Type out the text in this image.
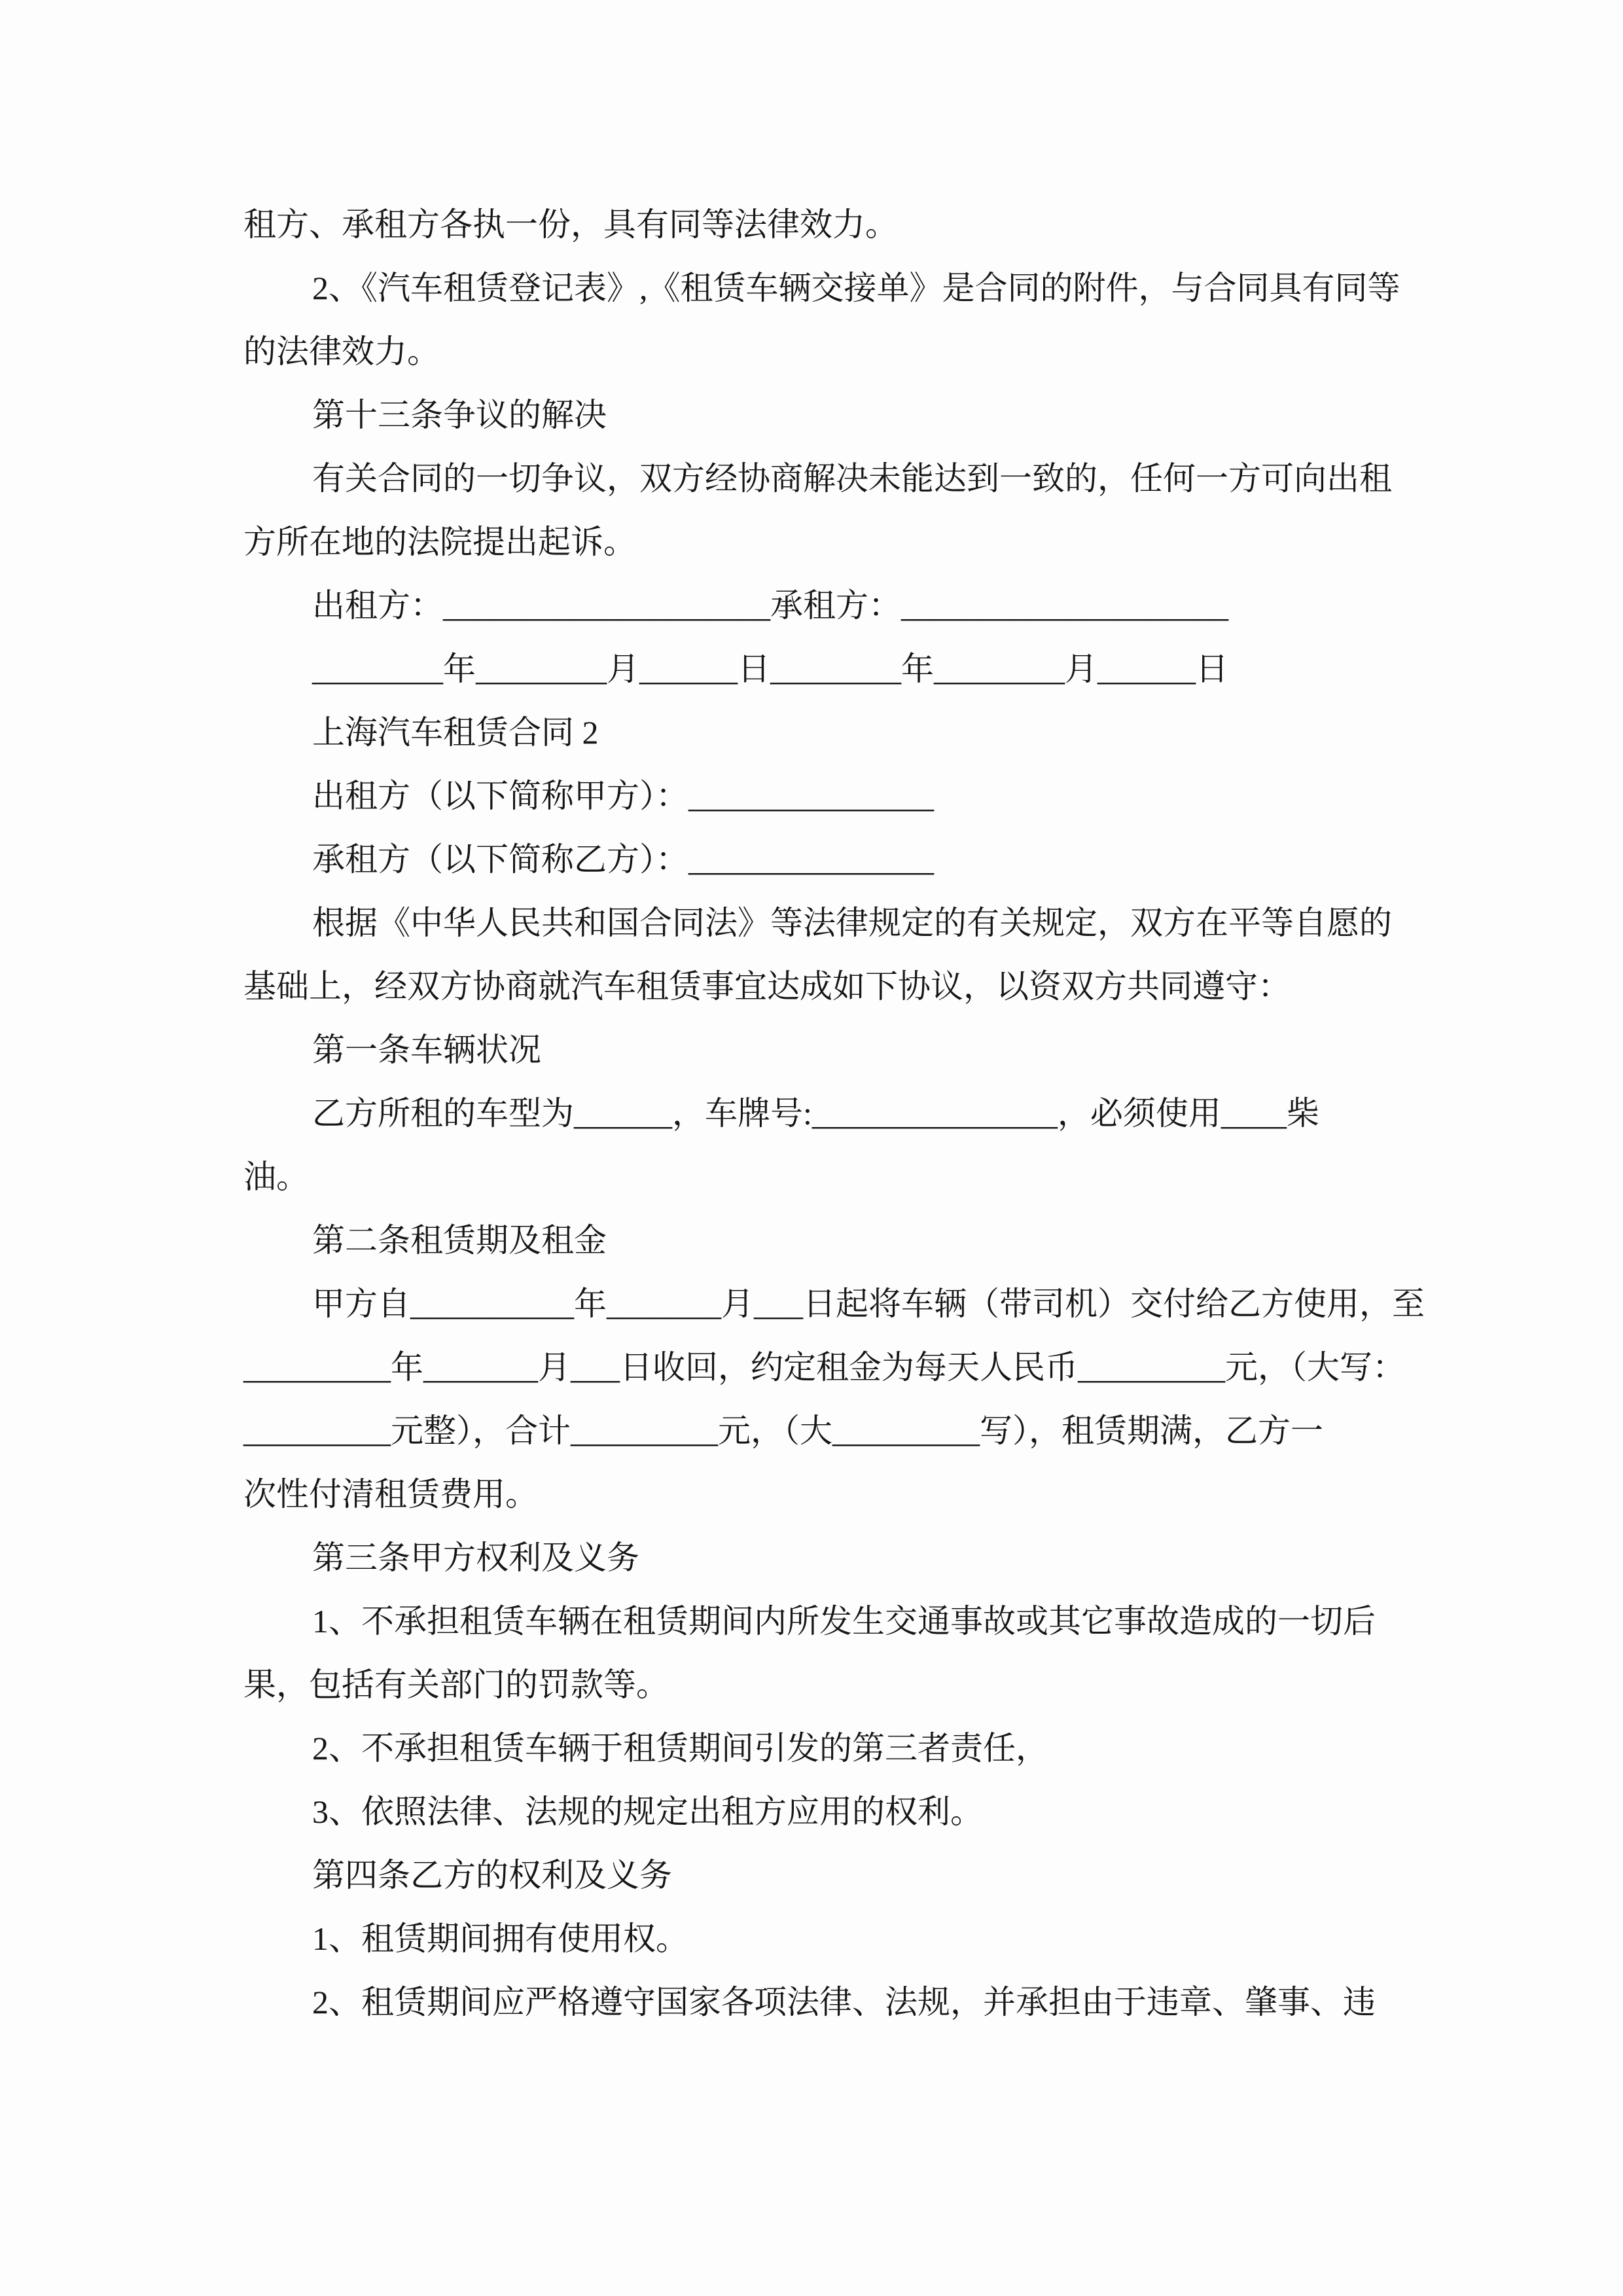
租方、承租方各执一份，具有同等法律效力。

2、《汽车租赁登记表》,《租赁车辆交接单》是合同的附件，与合同具有同等

的法律效力。

第十三条争议的解决

有关合同的一切争议，双方经协商解决未能达到一致的，任何一方可向出租

方所在地的法院提出起诉。

出租方：____________________承租方：____________________

________年________月______日________年________月______日

上海汽车租赁合同 2

出租方（以下简称甲方）：_______________

承租方（以下简称乙方）：_______________

根据《中华人民共和国合同法》等法律规定的有关规定，双方在平等自愿的

基础上，经双方协商就汽车租赁事宜达成如下协议，以资双方共同遵守：

第一条车辆状况

乙方所租的车型为______，车牌号:_______________，必须使用____柴

油。

第二条租赁期及租金

甲方自__________年_______月___日起将车辆（带司机）交付给乙方使用，至

_________年_______月___日收回，约定租金为每天人民币_________元，（大写：

_________元整），合计_________元，（大_________写），租赁期满，乙方一

次性付清租赁费用。

第三条甲方权利及义务

1、不承担租赁车辆在租赁期间内所发生交通事故或其它事故造成的一切后

果，包括有关部门的罚款等。

2、不承担租赁车辆于租赁期间引发的第三者责任，

3、依照法律、法规的规定出租方应用的权利。

第四条乙方的权利及义务

1、租赁期间拥有使用权。

2、租赁期间应严格遵守国家各项法律、法规，并承担由于违章、肇事、违
